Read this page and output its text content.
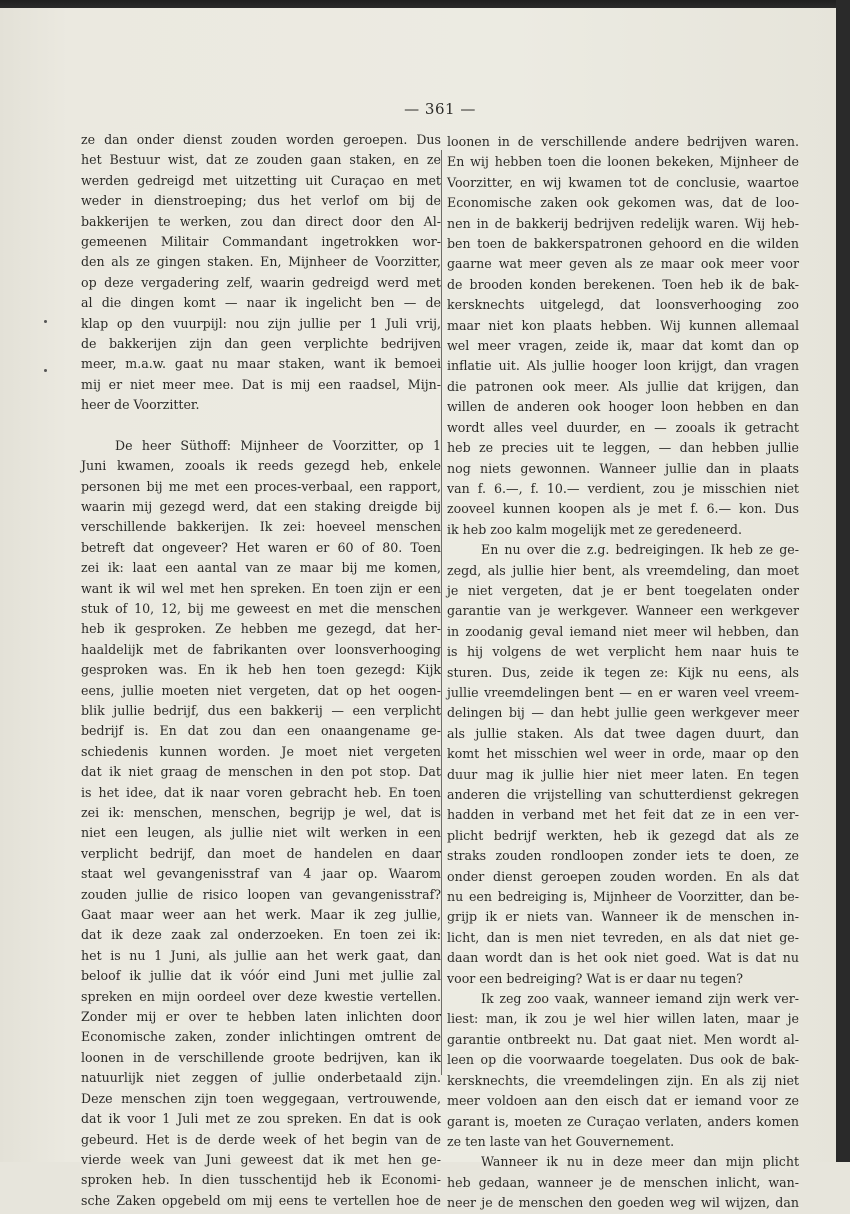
— 361 —
ze dan onder dienst zouden worden geroepen. Dus
het Bestuur wist, dat ze zouden gaan staken, en ze
werden gedreigd met uitzetting uit Curaçao en met
weder in dienstroeping; dus het verlof om bij de
bakkerijen te werken, zou dan direct door den Al-
gemeenen Militair Commandant ingetrokken wor-
den als ze gingen staken. En, Mijnheer de Voorzitter,
op deze vergadering zelf, waarin gedreigd werd met
al die dingen komt — naar ik ingelicht ben — de
klap op den vuurpijl: nou zijn jullie per 1 Juli vrij,
de bakkerijen zijn dan geen verplichte bedrijven
meer, m.a.w. gaat nu maar staken, want ik bemoei
mij er niet meer mee. Dat is mij een raadsel, Mijn-
heer de Voorzitter.
De heer Süthoff: Mijnheer de Voorzitter, op 1
Juni kwamen, zooals ik reeds gezegd heb, enkele
personen bij me met een proces-verbaal, een rapport,
waarin mij gezegd werd, dat een staking dreigde bij
verschillende bakkerijen. Ik zei: hoeveel menschen
betreft dat ongeveer? Het waren er 60 of 80. Toen
zei ik: laat een aantal van ze maar bij me komen,
want ik wil wel met hen spreken. En toen zijn er een
stuk of 10, 12, bij me geweest en met die menschen
heb ik gesproken. Ze hebben me gezegd, dat her-
haaldelijk met de fabrikanten over loonsverhooging
gesproken was. En ik heb hen toen gezegd: Kijk
eens, jullie moeten niet vergeten, dat op het oogen-
blik jullie bedrijf, dus een bakkerij — een verplicht
bedrijf is. En dat zou dan een onaangename ge-
schiedenis kunnen worden. Je moet niet vergeten
dat ik niet graag de menschen in den pot stop. Dat
is het idee, dat ik naar voren gebracht heb. En toen
zei ik: menschen, menschen, begrijp je wel, dat is
niet een leugen, als jullie niet wilt werken in een
verplicht bedrijf, dan moet de handelen en daar
staat wel gevangenisstraf van 4 jaar op. Waarom
zouden jullie de risico loopen van gevangenisstraf?
Gaat maar weer aan het werk. Maar ik zeg jullie,
dat ik deze zaak zal onderzoeken. En toen zei ik:
het is nu 1 Juni, als jullie aan het werk gaat, dan
beloof ik jullie dat ik vóór eind Juni met jullie zal
spreken en mijn oordeel over deze kwestie vertellen.
Zonder mij er over te hebben laten inlichten door
Economische zaken, zonder inlichtingen omtrent de
loonen in de verschillende groote bedrijven, kan ik
natuurlijk niet zeggen of jullie onderbetaald zijn.
Deze menschen zijn toen weggegaan, vertrouwende,
dat ik voor 1 Juli met ze zou spreken. En dat is ook
gebeurd. Het is de derde week of het begin van de
vierde week van Juni geweest dat ik met hen ge-
sproken heb. In dien tusschentijd heb ik Economi-
sche Zaken opgebeld om mij eens te vertellen hoe de
loonen in de verschillende andere bedrijven waren.
En wij hebben toen die loonen bekeken, Mijnheer de
Voorzitter, en wij kwamen tot de conclusie, waartoe
Economische zaken ook gekomen was, dat de loo-
nen in de bakkerij bedrijven redelijk waren. Wij heb-
ben toen de bakkerspatronen gehoord en die wilden
gaarne wat meer geven als ze maar ook meer voor
de brooden konden berekenen. Toen heb ik de bak-
kersknechts uitgelegd, dat loonsverhooging zoo
maar niet kon plaats hebben. Wij kunnen allemaal
wel meer vragen, zeide ik, maar dat komt dan op
inflatie uit. Als jullie hooger loon krijgt, dan vragen
die patronen ook meer. Als jullie dat krijgen, dan
willen de anderen ook hooger loon hebben en dan
wordt alles veel duurder, en — zooals ik getracht
heb ze precies uit te leggen, — dan hebben jullie
nog niets gewonnen. Wanneer jullie dan in plaats
van f. 6.—, f. 10.— verdient, zou je misschien niet
zooveel kunnen koopen als je met f. 6.— kon. Dus
ik heb zoo kalm mogelijk met ze geredeneerd.
En nu over die z.g. bedreigingen. Ik heb ze ge-
zegd, als jullie hier bent, als vreemdeling, dan moet
je niet vergeten, dat je er bent toegelaten onder
garantie van je werkgever. Wanneer een werkgever
in zoodanig geval iemand niet meer wil hebben, dan
is hij volgens de wet verplicht hem naar huis te
sturen. Dus, zeide ik tegen ze: Kijk nu eens, als
jullie vreemdelingen bent — en er waren veel vreem-
delingen bij — dan hebt jullie geen werkgever meer
als jullie staken. Als dat twee dagen duurt, dan
komt het misschien wel weer in orde, maar op den
duur mag ik jullie hier niet meer laten. En tegen
anderen die vrijstelling van schutterdienst gekregen
hadden in verband met het feit dat ze in een ver-
plicht bedrijf werkten, heb ik gezegd dat als ze
straks zouden rondloopen zonder iets te doen, ze
onder dienst geroepen zouden worden. En als dat
nu een bedreiging is, Mijnheer de Voorzitter, dan be-
grijp ik er niets van. Wanneer ik de menschen in-
licht, dan is men niet tevreden, en als dat niet ge-
daan wordt dan is het ook niet goed. Wat is dat nu
voor een bedreiging? Wat is er daar nu tegen?
Ik zeg zoo vaak, wanneer iemand zijn werk ver-
liest: man, ik zou je wel hier willen laten, maar je
garantie ontbreekt nu. Dat gaat niet. Men wordt al-
leen op die voorwaarde toegelaten. Dus ook de bak-
kersknechts, die vreemdelingen zijn. En als zij niet
meer voldoen aan den eisch dat er iemand voor ze
garant is, moeten ze Curaçao verlaten, anders komen
ze ten laste van het Gouvernement.
Wanneer ik nu in deze meer dan mijn plicht
heb gedaan, wanneer je de menschen inlicht, wan-
neer je de menschen den goeden weg wil wijzen, dan
